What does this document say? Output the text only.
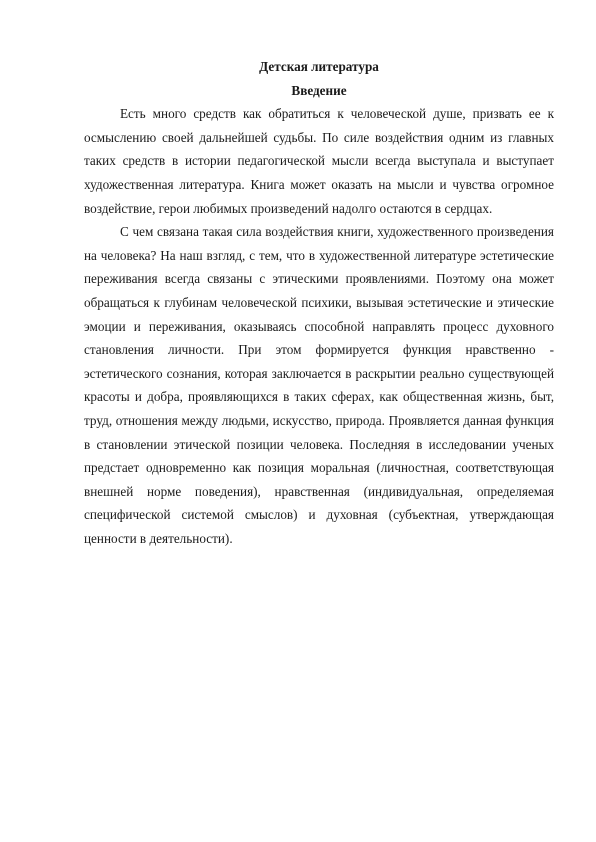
Детская литература

Введение

Есть много средств как обратиться к человеческой душе, призвать ее к осмыслению своей дальнейшей судьбы. По силе воздействия одним из главных таких средств в истории педагогической мысли всегда выступала и выступает художественная литература. Книга может оказать на мысли и чувства огромное воздействие, герои любимых произведений надолго остаются в сердцах.

С чем связана такая сила воздействия книги, художественного произведения на человека? На наш взгляд, с тем, что в художественной литературе эстетические переживания всегда связаны с этическими проявлениями. Поэтому она может обращаться к глубинам человеческой психики, вызывая эстетические и этические эмоции и переживания, оказываясь способной направлять процесс духовного становления личности. При этом формируется функция нравственно - эстетического сознания, которая заключается в раскрытии реально существующей красоты и добра, проявляющихся в таких сферах, как общественная жизнь, быт, труд, отношения между людьми, искусство, природа. Проявляется данная функция в становлении этической позиции человека. Последняя в исследовании ученых предстает одновременно как позиция моральная (личностная, соответствующая внешней норме поведения), нравственная (индивидуальная, определяемая специфической системой смыслов) и духовная (субъектная, утверждающая ценности в деятельности).
